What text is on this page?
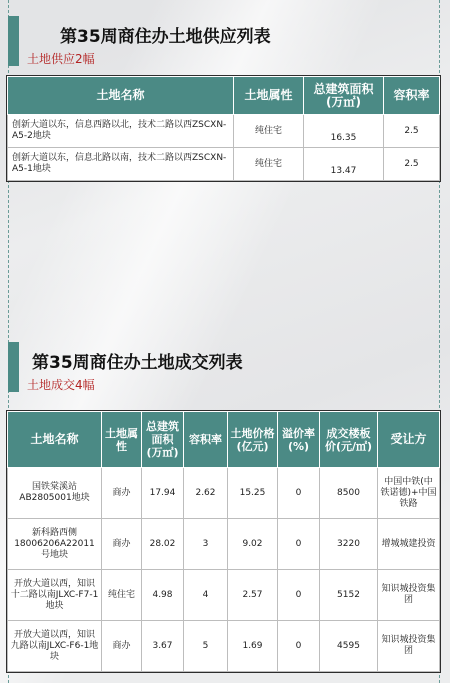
第35周商住办土地供应列表
土地供应2幅
土地名称	土地属性	总建筑面积(万㎡)	容积率
创新大道以东，信息西路以北，技术二路以西ZSCXN-A5-2地块	纯住宅	16.35	2.5
创新大道以东，信息北路以南，技术二路以西ZSCXN-A5-1地块	纯住宅	13.47	2.5
第35周商住办土地成交列表
土地成交4幅
土地名称	土地属性	总建筑面积(万㎡)	容积率	土地价格(亿元)	溢价率(%)	成交楼板价(元/㎡)	受让方
国铁棠溪站AB2805001地块	商办	17.94	2.62	15.25	0	8500	中国中铁(中铁诺德)+中国铁路
新科路西侧18006206A22011号地块	商办	28.02	3	9.02	0	3220	增城城建投资
开放大道以西，知识十二路以南JLXC-F7-1地块	纯住宅	4.98	4	2.57	0	5152	知识城投资集团
开放大道以西，知识九路以南JLXC-F6-1地块	商办	3.67	5	1.69	0	4595	知识城投资集团
